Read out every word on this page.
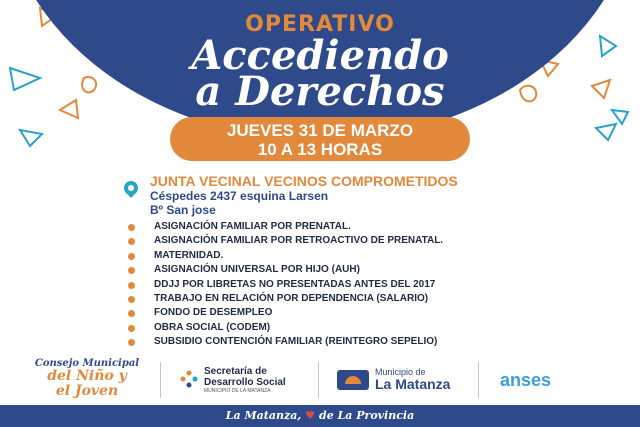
OPERATIVO
Accediendo
a Derechos
JUEVES 31 DE MARZO
10 A 13 HORAS
JUNTA VECINAL VECINOS COMPROMETIDOS
Céspedes 2437 esquina Larsen
Bº San jose
ASIGNACIÓN FAMILIAR POR PRENATAL.
ASIGNACIÓN FAMILIAR POR RETROACTIVO DE PRENATAL.
MATERNIDAD.
ASIGNACIÓN UNIVERSAL POR HIJO (AUH)
DDJJ POR LIBRETAS NO PRESENTADAS ANTES DEL 2017
TRABAJO EN RELACIÓN POR DEPENDENCIA (SALARIO)
FONDO DE DESEMPLEO
OBRA SOCIAL (CODEM)
SUBSIDIO CONTENCIÓN FAMILIAR (REINTEGRO SEPELIO)
Consejo Municipal
del Niño y
el Joven
Secretaría de
Desarrollo Social
MUNICIPIO DE LA MATANZA
Municipio de
La Matanza	anses
La Matanza, ♥ de La Provincia
